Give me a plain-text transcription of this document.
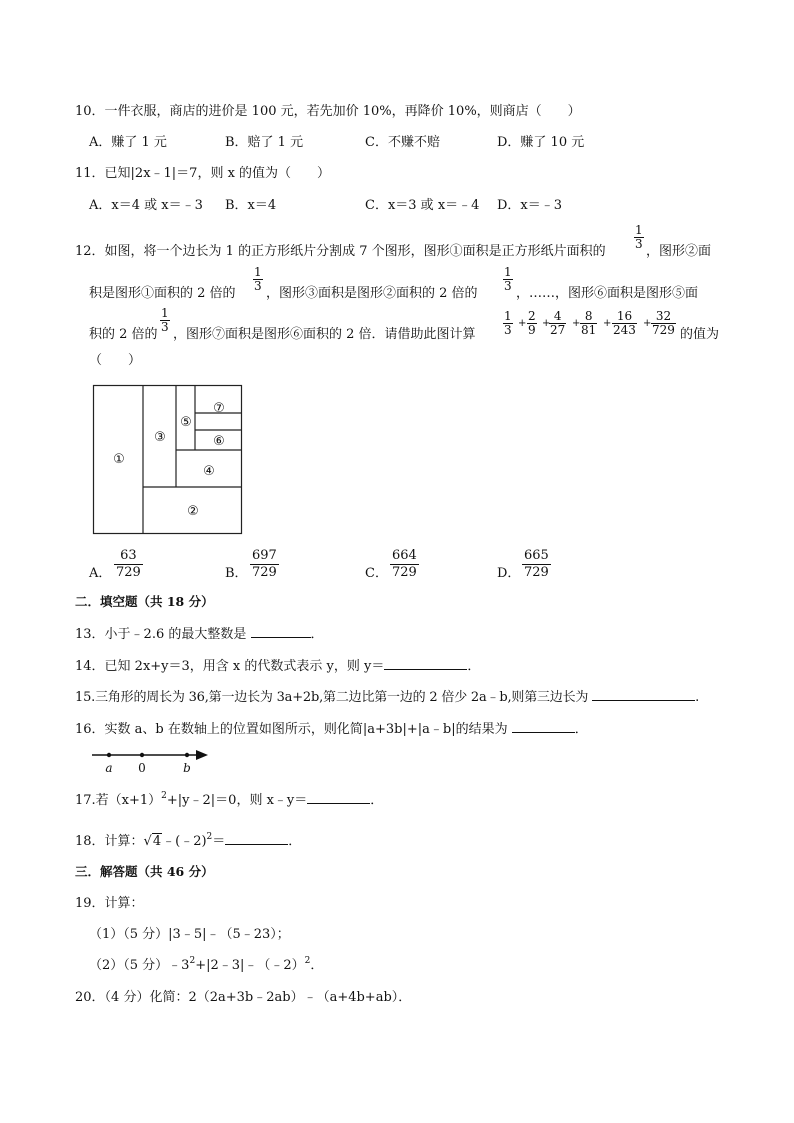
10．一件衣服，商店的进价是 100 元，若先加价 10%，再降价 10%，则商店（　　）
A．赚了 1 元	B．赔了 1 元	C．不赚不赔	D．赚了 10 元
11．已知|2x﹣1|＝7，则 x 的值为（　　）
A．x＝4 或 x＝﹣3 B．x＝4	C．x＝3 或 x＝﹣4 D．x＝﹣3
12．如图，将一个边长为 1 的正方形纸片分割成 7 个图形，图形①面积是正方形纸片面积的
$\frac{1}{3}$
，图形②面
积是图形①面积的 2 倍的
$\frac{1}{3}$
，图形③面积是图形②面积的 2 倍的
$\frac{1}{3}$
，……，图形⑥面积是图形⑤面
积的 2 倍的
$\frac{1}{3}$
，图形⑦面积是图形⑥面积的 2 倍．请借助此图计算 $\frac{1}{3} + \frac{2}{9}$ +
$\frac{4}{27} + \frac{8}{81} + \frac{16}{243} + \frac{32}{729}$ 的值为
（　　）
①
②
③
④
⑤
⑥
⑦
A．
63
729	B．
697
729	C．
664
729	D．
665
729
二．填空题（共 18 分）
13．小于﹣2.6 的最大整数是	．
14．已知 2x+y＝3，用含 x 的代数式表示 y，则 y＝	．
15.三角形的周长为 36,第一边长为 3a+2b,第二边比第一边的 2 倍少 2a﹣b,则第三边长为	.
16．实数 a、b 在数轴上的位置如图所示，则化简|a+3b|+|a﹣b|的结果为	．
a 0	b
17.若$(x+1)^2+|y﹣2|=0$，则 x﹣y＝	．
18．计算：√4﹣(﹣2)$^2$＝	．
三．解答题（共 46 分）
19．计算：
（1）（5 分）|3﹣5|﹣（5﹣23）；
（2）（5 分）$﹣3^2+|2﹣3|﹣(﹣2)^2$．
20．（4 分）化简：2（2a+3b﹣2ab）﹣（a+4b+ab）．
